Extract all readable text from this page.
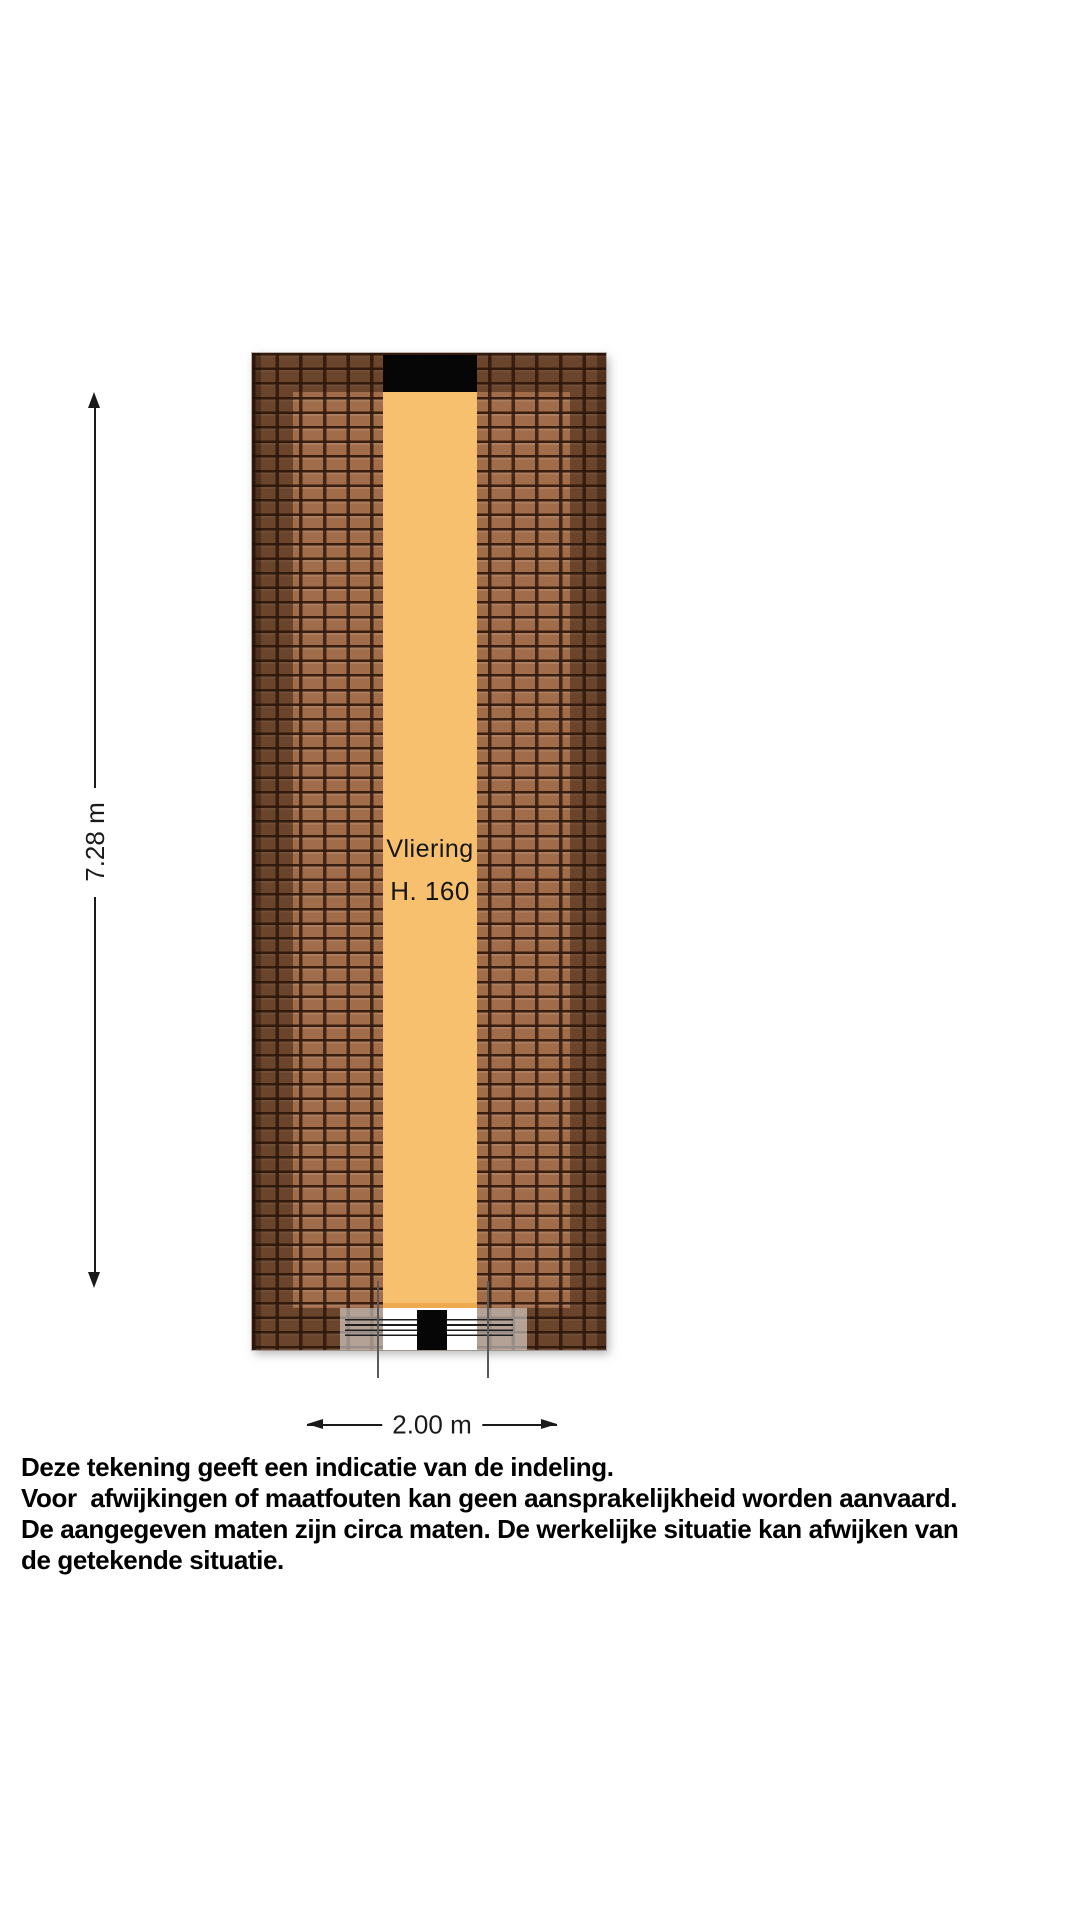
Vliering
H. 160
7.28 m
2.00 m

Deze tekening geeft een indicatie van de indeling.

Voor  afwijkingen of maatfouten kan geen aansprakelijkheid worden aanvaard.

De aangegeven maten zijn circa maten. De werkelijke situatie kan afwijken van

de getekende situatie.
